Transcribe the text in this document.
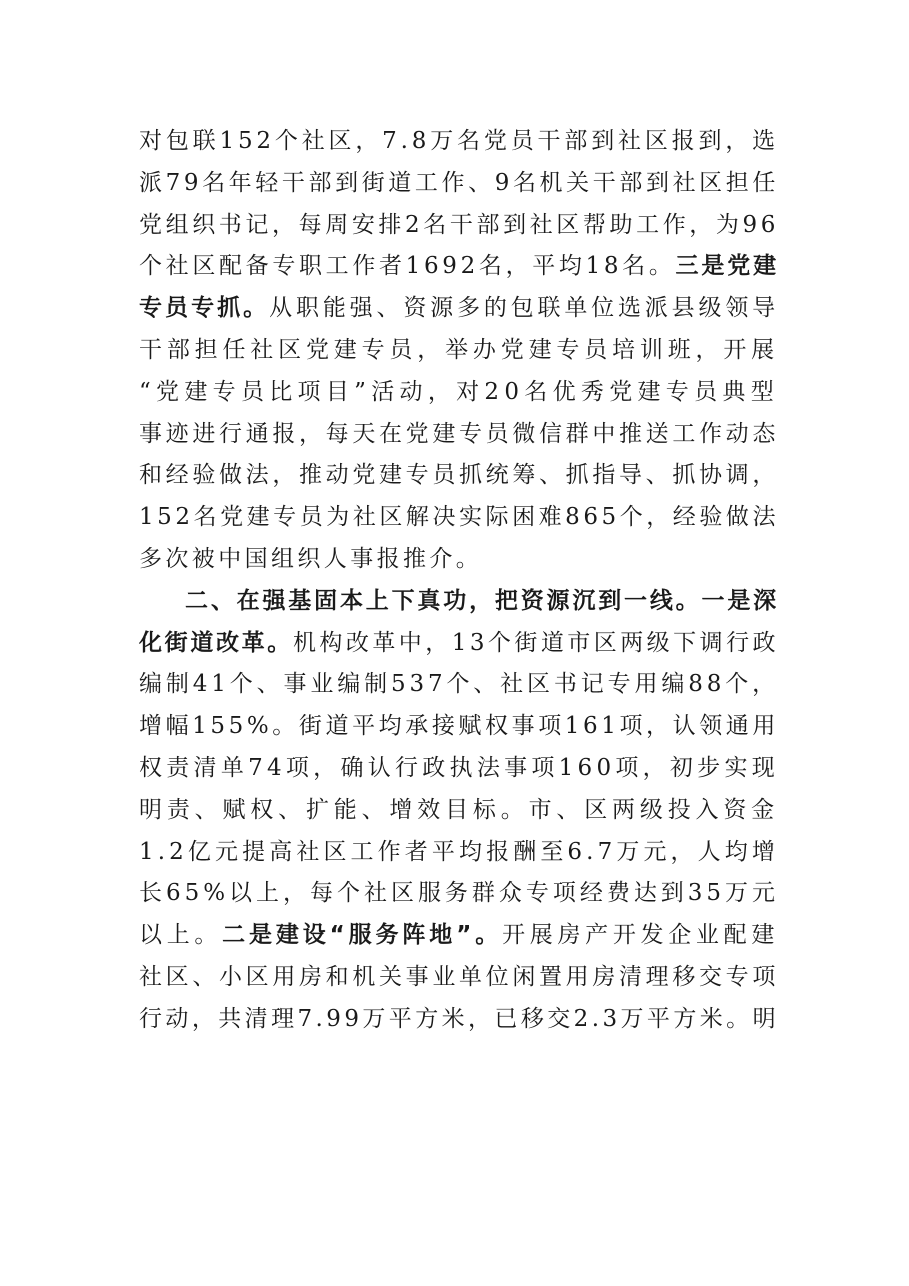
对包联152个社区，7.8万名党员干部到社区报到，选
派79名年轻干部到街道工作、9名机关干部到社区担任
党组织书记，每周安排2名干部到社区帮助工作，为96
个社区配备专职工作者1692名，平均18名。三是党建
专员专抓。从职能强、资源多的包联单位选派县级领导
干部担任社区党建专员，举办党建专员培训班，开展
“党建专员比项目”活动，对20名优秀党建专员典型
事迹进行通报，每天在党建专员微信群中推送工作动态
和经验做法，推动党建专员抓统筹、抓指导、抓协调，
152名党建专员为社区解决实际困难865个，经验做法
多次被中国组织人事报推介。
二、在强基固本上下真功，把资源沉到一线。一是深
化街道改革。机构改革中，13个街道市区两级下调行政
编制41个、事业编制537个、社区书记专用编88个，
增幅155%。街道平均承接赋权事项161项，认领通用
权责清单74项，确认行政执法事项160项，初步实现
明责、赋权、扩能、增效目标。市、区两级投入资金
1.2亿元提高社区工作者平均报酬至6.7万元，人均增
长65%以上，每个社区服务群众专项经费达到35万元
以上。二是建设“服务阵地”。开展房产开发企业配建
社区、小区用房和机关事业单位闲置用房清理移交专项
行动，共清理7.99万平方米，已移交2.3万平方米。明
